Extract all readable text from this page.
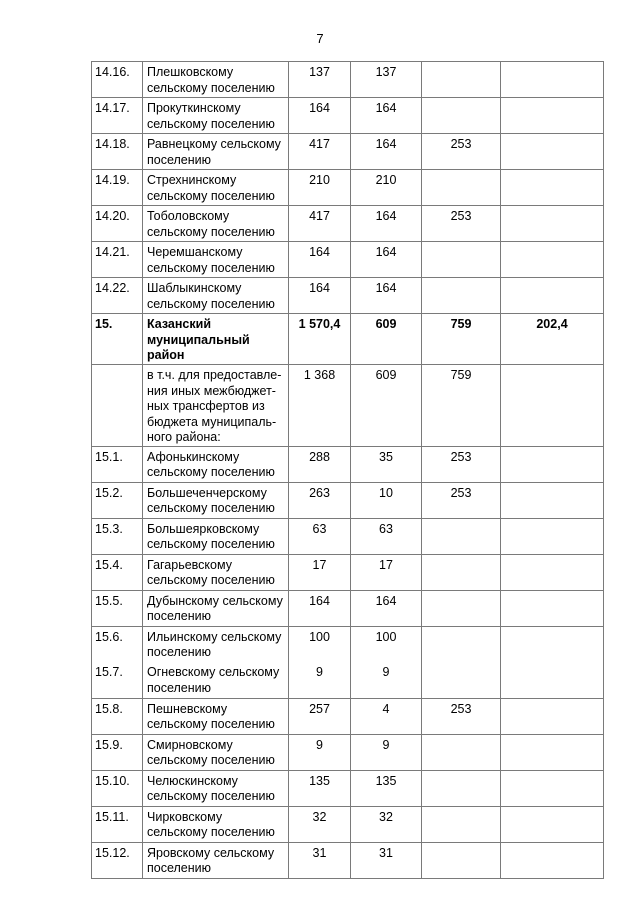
7
14.16.	Плешковскому
сельскому поселению	137	137		
14.17.	Прокуткинскому
сельскому поселению	164	164		
14.18.	Равнецкому сельскому
поселению	417	164	253	
14.19.	Стрехнинскому
сельскому поселению	210	210		
14.20.	Тоболовскому
сельскому поселению	417	164	253	
14.21.	Черемшанскому
сельскому поселению	164	164		
14.22.	Шаблыкинскому
сельскому поселению	164	164		
15.	Казанский
муниципальный
район	1 570,4	609	759	202,4
	в т.ч. для предоставле-
ния иных межбюджет-
ных трансфертов из
бюджета муниципаль-
ного района:	1 368	609	759	
15.1.	Афонькинскому
сельскому поселению	288	35	253	
15.2.	Большеченчерскому
сельскому поселению	263	10	253	
15.3.	Большеярковскому
сельскому поселению	63	63		
15.4.	Гагарьевскому
сельскому поселению	17	17		
15.5.	Дубынскому сельскому
поселению	164	164		
15.6.	Ильинскому сельскому
поселению	100	100		
15.7.	Огневскому сельскому
поселению	9	9		
15.8.	Пешневскому
сельскому поселению	257	4	253	
15.9.	Смирновскому
сельскому поселению	9	9		
15.10.	Челюскинскому
сельскому поселению	135	135		
15.11.	Чирковскому
сельскому поселению	32	32		
15.12.	Яровскому сельскому
поселению	31	31		
